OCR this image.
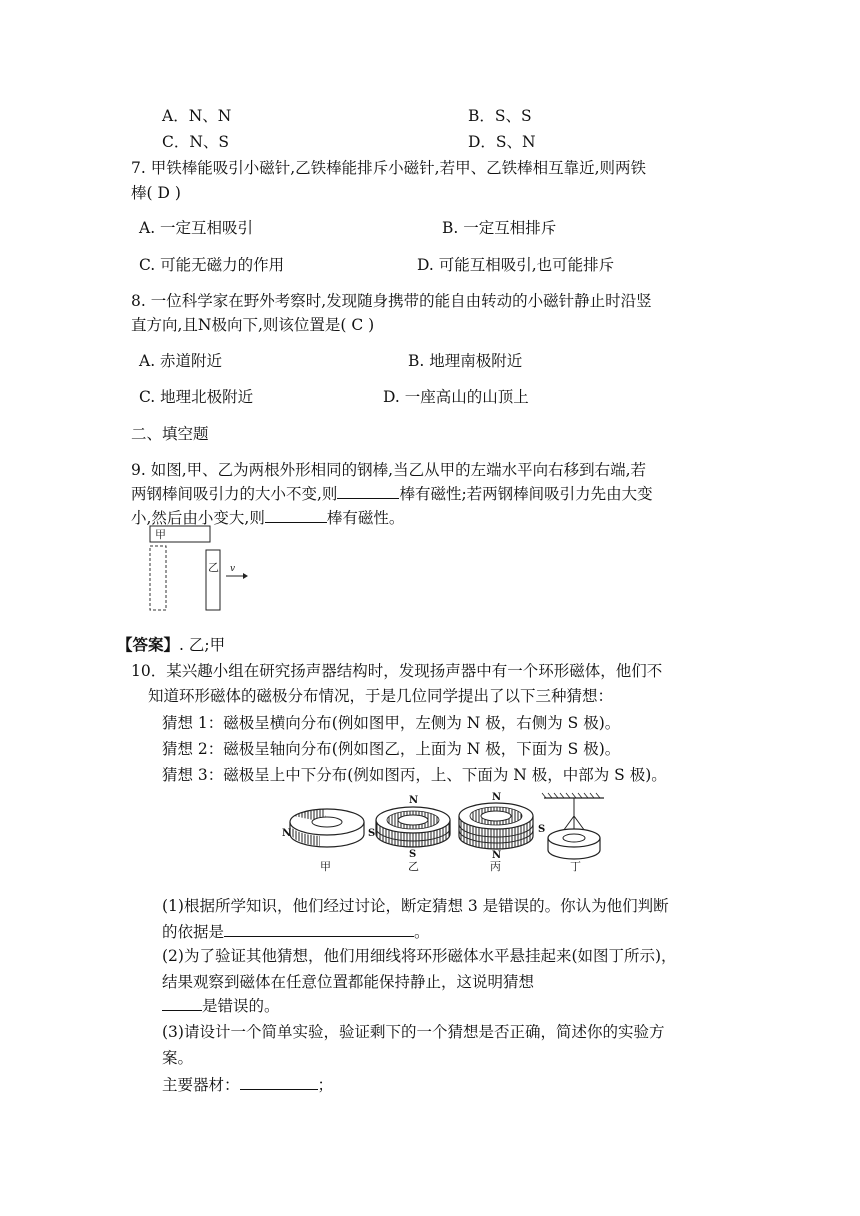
A．N、N	B．S、S
C．N、S	D．S、N
7. 甲铁棒能吸引小磁针,乙铁棒能排斥小磁针,若甲、乙铁棒相互靠近,则两铁
棒( D )
A. 一定互相吸引	B. 一定互相排斥
C. 可能无磁力的作用	D. 可能互相吸引,也可能排斥
8. 一位科学家在野外考察时,发现随身携带的能自由转动的小磁针静止时沿竖
直方向,且N极向下,则该位置是( C )
A. 赤道附近	B. 地理南极附近
C. 地理北极附近	D. 一座高山的山顶上
二、填空题
9. 如图,甲、乙为两根外形相同的钢棒,当乙从甲的左端水平向右移到右端,若
两钢棒间吸引力的大小不变,则	棒有磁性;若两钢棒间吸引力先由大变
小,然后由小变大,则	棒有磁性。
甲
乙 v
【答案】. 乙;甲
10．某兴趣小组在研究扬声器结构时，发现扬声器中有一个环形磁体，他们不
知道环形磁体的磁极分布情况，于是几位同学提出了以下三种猜想：
猜想 1：磁极呈横向分布(例如图甲，左侧为 N 极，右侧为 S 极)。
猜想 2：磁极呈轴向分布(例如图乙，上面为 N 极，下面为 S 极)。
猜想 3：磁极呈上中下分布(例如图丙，上、下面为 N 极，中部为 S 极)。
N	S
甲
N
S
乙
N
S
N
丙	丁
(1)根据所学知识，他们经过讨论，断定猜想 3 是错误的。你认为他们判断
的依据是	。
(2)为了验证其他猜想，他们用细线将环形磁体水平悬挂起来(如图丁所示)，
结果观察到磁体在任意位置都能保持静止，这说明猜想
是错误的。
(3)请设计一个简单实验，验证剩下的一个猜想是否正确，简述你的实验方
案。
主要器材：	；
